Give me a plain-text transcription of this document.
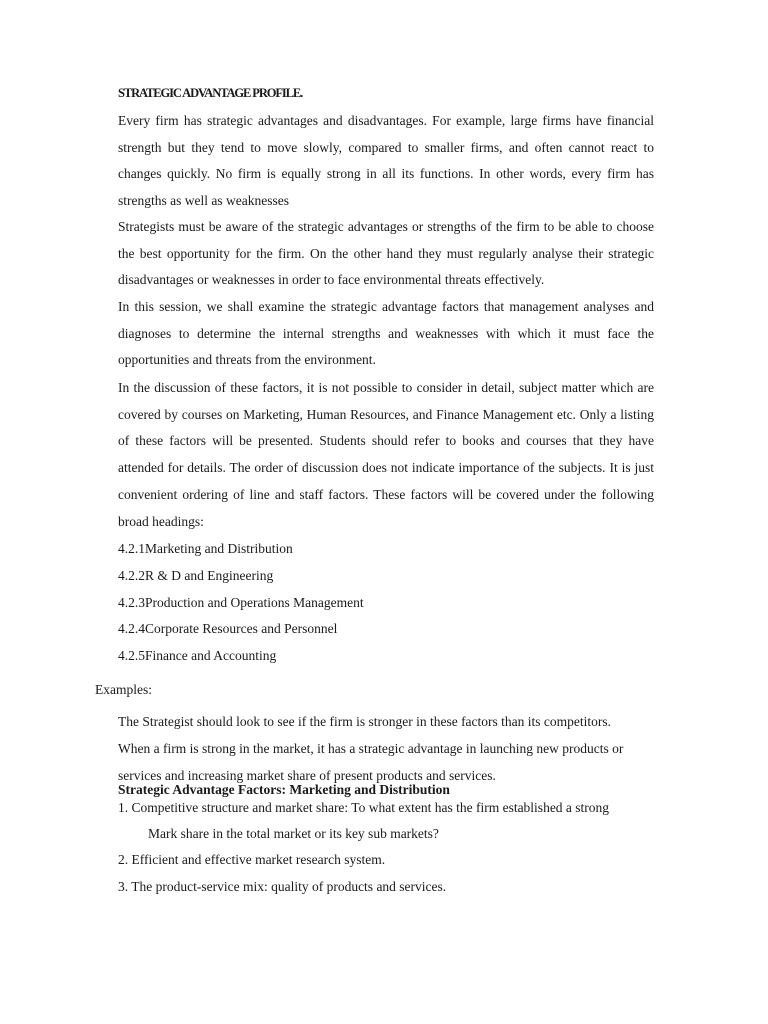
STRATEGIC ADVANTAGE PROFILE.
Every firm has strategic advantages and disadvantages. For example, large firms have financial strength but they tend to move slowly, compared to smaller firms, and often cannot react to changes quickly. No firm is equally strong in all its functions. In other words, every firm has strengths as well as weaknesses
Strategists must be aware of the strategic advantages or strengths of the firm to be able to choose the best opportunity for the firm. On the other hand they must regularly analyse their strategic disadvantages or weaknesses in order to face environmental threats effectively.
In this session, we shall examine the strategic advantage factors that management analyses and diagnoses to determine the internal strengths and weaknesses with which it must face the opportunities and threats from the environment.
In the discussion of these factors, it is not possible to consider in detail, subject matter which are covered by courses on Marketing, Human Resources, and Finance Management etc. Only a listing of these factors will be presented. Students should refer to books and courses that they have attended for details. The order of discussion does not indicate importance of the subjects. It is just convenient ordering of line and staff factors. These factors will be covered under the following broad headings:
4.2.1Marketing and Distribution
4.2.2R & D and Engineering
4.2.3Production and Operations Management
4.2.4Corporate Resources and Personnel
4.2.5Finance and Accounting
Examples:
The Strategist should look to see if the firm is stronger in these factors than its competitors.
When a firm is strong in the market, it has a strategic advantage in launching new products or services and increasing market share of present products and services.
Strategic Advantage Factors: Marketing and Distribution
1. Competitive structure and market share: To what extent has the firm established a strong
Mark share in the total market or its key sub markets?
2. Efficient and effective market research system.
3. The product-service mix: quality of products and services.
